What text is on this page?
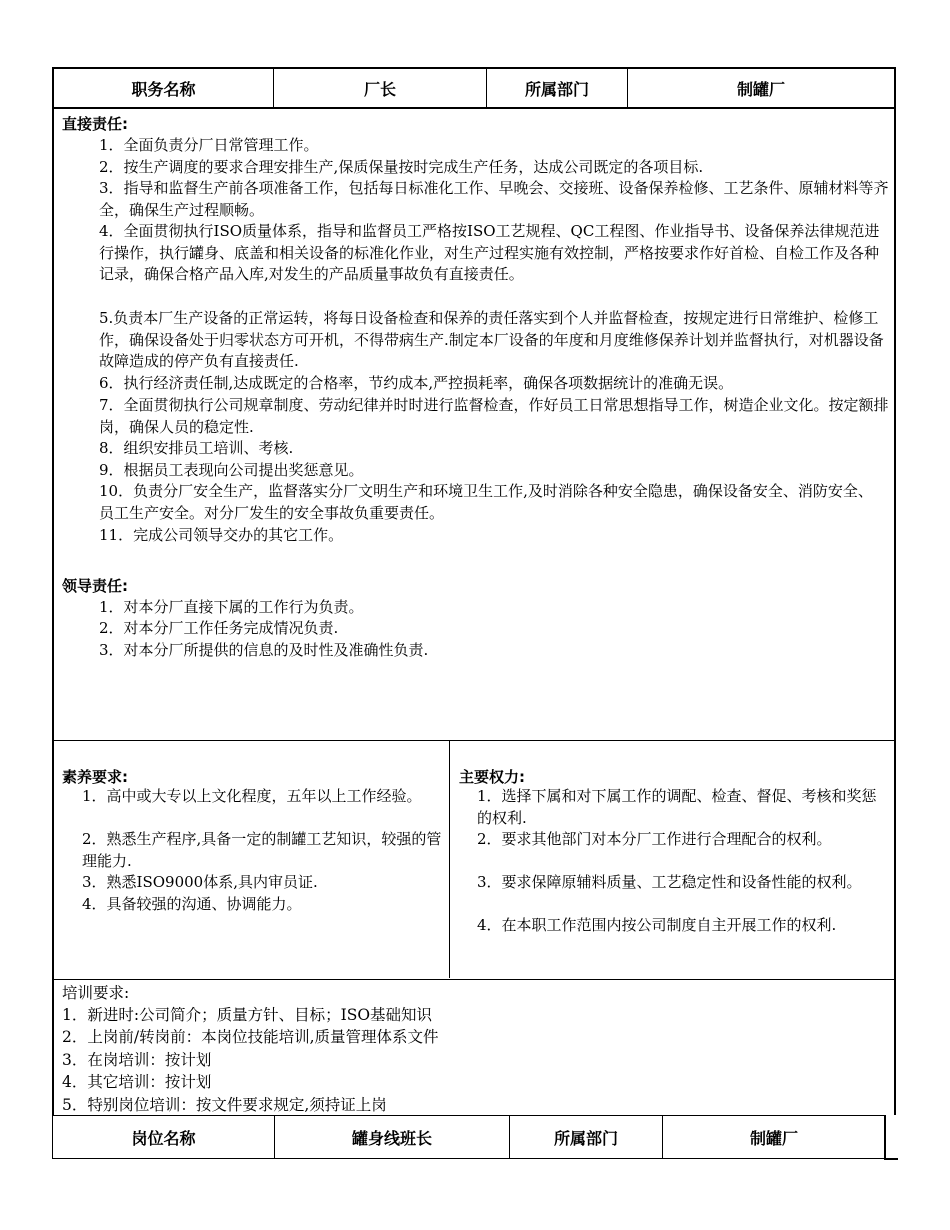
职务名称	厂长	所属部门	制罐厂
直接责任:
1．全面负责分厂日常管理工作。
2．按生产调度的要求合理安排生产,保质保量按时完成生产任务，达成公司既定的各项目标.
3．指导和监督生产前各项准备工作，包括每日标准化工作、早晚会、交接班、设备保养检修、工艺条件、原辅材料等齐全，确保生产过程顺畅。
4．全面贯彻执行ISO质量体系，指导和监督员工严格按ISO工艺规程、QC工程图、作业指导书、设备保养法律规范进行操作，执行罐身、底盖和相关设备的标准化作业，对生产过程实施有效控制，严格按要求作好首检、自检工作及各种记录，确保合格产品入库,对发生的产品质量事故负有直接责任。
5.负责本厂生产设备的正常运转，将每日设备检查和保养的责任落实到个人并监督检查，按规定进行日常维护、检修工作，确保设备处于归零状态方可开机，不得带病生产.制定本厂设备的年度和月度维修保养计划并监督执行，对机器设备故障造成的停产负有直接责任.
6．执行经济责任制,达成既定的合格率，节约成本,严控损耗率，确保各项数据统计的准确无误。
7．全面贯彻执行公司规章制度、劳动纪律并时时进行监督检查，作好员工日常思想指导工作，树造企业文化。按定额排岗，确保人员的稳定性.
8．组织安排员工培训、考核.
9．根据员工表现向公司提出奖惩意见。
10．负责分厂安全生产，监督落实分厂文明生产和环境卫生工作,及时消除各种安全隐患，确保设备安全、消防安全、员工生产安全。对分厂发生的安全事故负重要责任。
11．完成公司领导交办的其它工作。
领导责任:
1．对本分厂直接下属的工作行为负责。
2．对本分厂工作任务完成情况负责.
3．对本分厂所提供的信息的及时性及准确性负责.
素养要求:
1．高中或大专以上文化程度，五年以上工作经验。
2．熟悉生产程序,具备一定的制罐工艺知识，较强的管理能力.
3．熟悉ISO9000体系,具内审员证.
4．具备较强的沟通、协调能力。
主要权力:
1．选择下属和对下属工作的调配、检查、督促、考核和奖惩的权利.
2．要求其他部门对本分厂工作进行合理配合的权利。
3．要求保障原辅料质量、工艺稳定性和设备性能的权利。
4．在本职工作范围内按公司制度自主开展工作的权利.
培训要求:
1．新进时:公司简介；质量方针、目标；ISO基础知识
2．上岗前/转岗前：本岗位技能培训,质量管理体系文件
3．在岗培训：按计划
4．其它培训：按计划
5．特别岗位培训：按文件要求规定,须持证上岗
岗位名称	罐身线班长	所属部门	制罐厂
